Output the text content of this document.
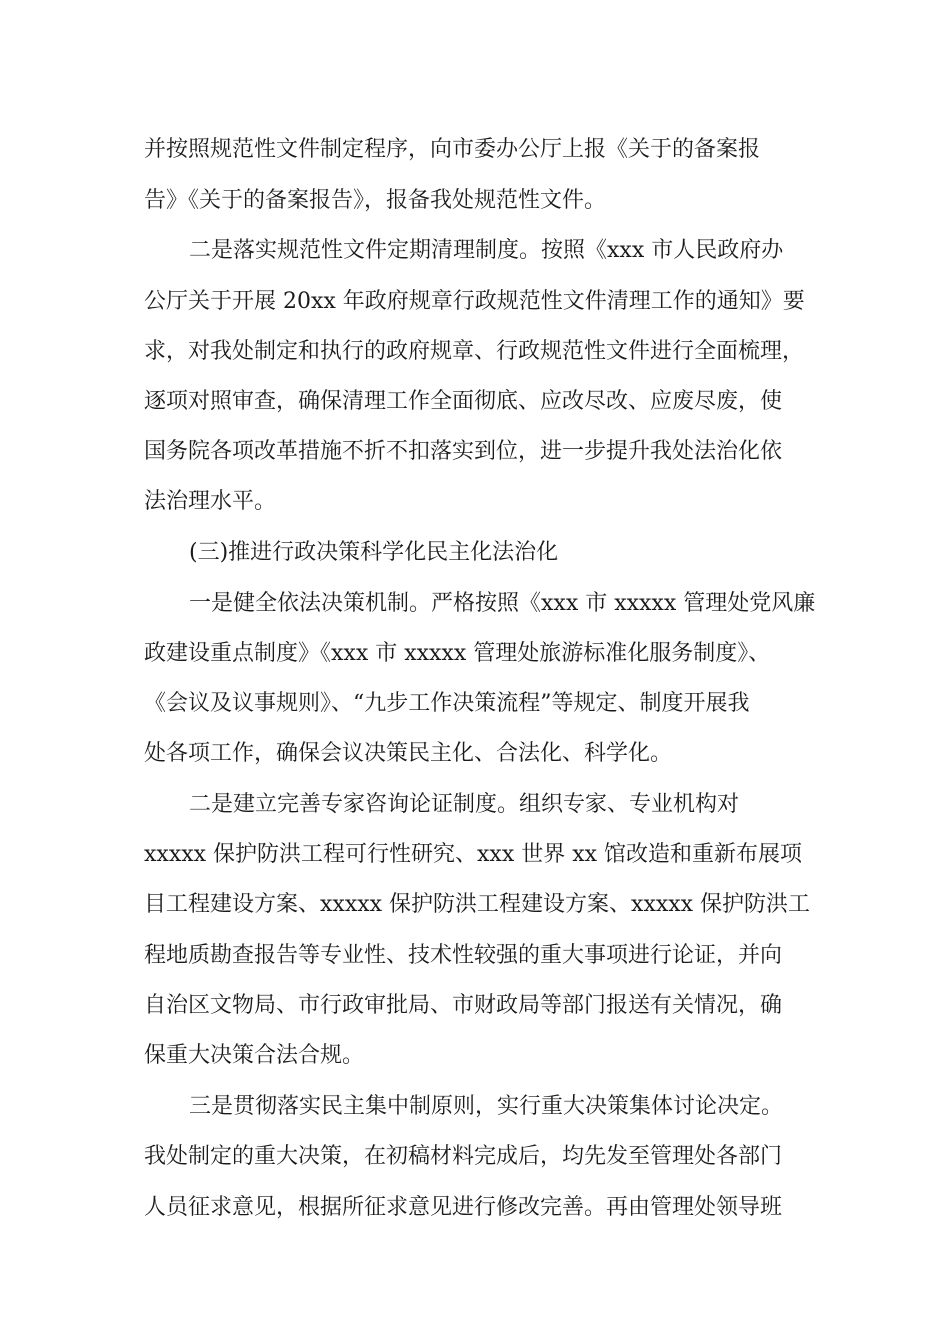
并按照规范性文件制定程序，向市委办公厅上报《关于的备案报

告》《关于的备案报告》，报备我处规范性文件。

二是落实规范性文件定期清理制度。按照《xxx 市人民政府办

公厅关于开展 20xx 年政府规章行政规范性文件清理工作的通知》要

求，对我处制定和执行的政府规章、行政规范性文件进行全面梳理，

逐项对照审查，确保清理工作全面彻底、应改尽改、应废尽废，使

国务院各项改革措施不折不扣落实到位，进一步提升我处法治化依

法治理水平。

(三)推进行政决策科学化民主化法治化

一是健全依法决策机制。严格按照《xxx 市 xxxxx 管理处党风廉

政建设重点制度》《xxx 市 xxxxx 管理处旅游标准化服务制度》、

《会议及议事规则》、“九步工作决策流程”等规定、制度开展我

处各项工作，确保会议决策民主化、合法化、科学化。

二是建立完善专家咨询论证制度。组织专家、专业机构对

xxxxx 保护防洪工程可行性研究、xxx 世界 xx 馆改造和重新布展项

目工程建设方案、xxxxx 保护防洪工程建设方案、xxxxx 保护防洪工

程地质勘查报告等专业性、技术性较强的重大事项进行论证，并向

自治区文物局、市行政审批局、市财政局等部门报送有关情况，确

保重大决策合法合规。

三是贯彻落实民主集中制原则，实行重大决策集体讨论决定。

我处制定的重大决策，在初稿材料完成后，均先发至管理处各部门

人员征求意见，根据所征求意见进行修改完善。再由管理处领导班
